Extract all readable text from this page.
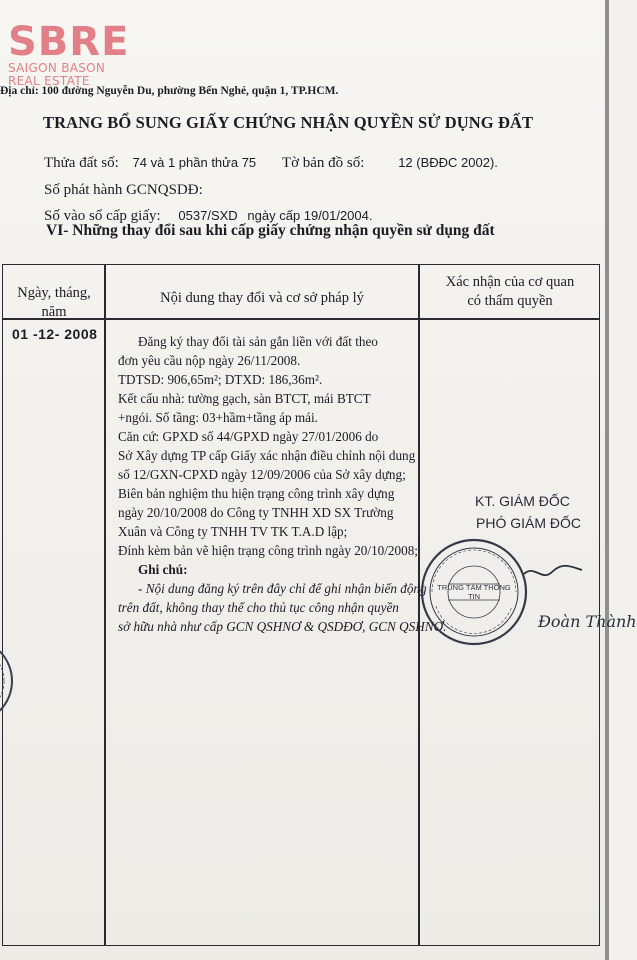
SBRE
SAIGON BASON
REAL ESTATE
Địa chỉ: 100 đường Nguyễn Du, phường Bến Nghé, quận 1, TP.HCM.
TRANG BỔ SUNG GIẤY CHỨNG NHẬN QUYỀN SỬ DỤNG ĐẤT
Thửa đất số: 74 và 1 phần thửa 75 Tờ bản đồ số:	12 (BĐĐC 2002).
Số phát hành GCNQSDĐ:
Số vào sổ cấp giấy: 0537/SXD ngày cấp 19/01/2004.
VI- Những thay đổi sau khi cấp giấy chứng nhận quyền sử dụng đất
Ngày, tháng,
năm
Nội dung thay đổi và cơ sở pháp lý
Xác nhận của cơ quan
có thẩm quyền
01 -12- 2008	Đăng ký thay đổi tài sản gắn liền với đất theo

đơn yêu cầu nộp ngày 26/11/2008.

TDTSD: 906,65m²; DTXD: 186,36m².

Kết cấu nhà: tường gạch, sàn BTCT, mái BTCT

+ngói. Số tầng: 03+hầm+tầng áp mái.

Căn cứ: GPXD số 44/GPXD ngày 27/01/2006 do

Sở Xây dựng TP cấp Giấy xác nhận điều chỉnh nội dung

số 12/GXN-CPXD ngày 12/09/2006 của Sở xây dựng;

Biên bản nghiệm thu hiện trạng công trình xây dựng

ngày 20/10/2008 do Công ty TNHH XD SX Trường

Xuân và Công ty TNHH TV TK T.A.D lập;

Đính kèm bản vẽ hiện trạng công trình ngày 20/10/2008;

Ghi chú:

- Nội dung đăng ký trên đây chỉ để ghi nhận biến động

trên đất, không thay thế cho thủ tục công nhận quyền

sở hữu nhà như cấp GCN QSHNƠ & QSDĐƠ, GCN QSHNƠ.

KT. GIÁM ĐỐC
PHÓ GIÁM ĐỐC
TRUNG TÂM THÔNG TIN
Đoàn Thành
